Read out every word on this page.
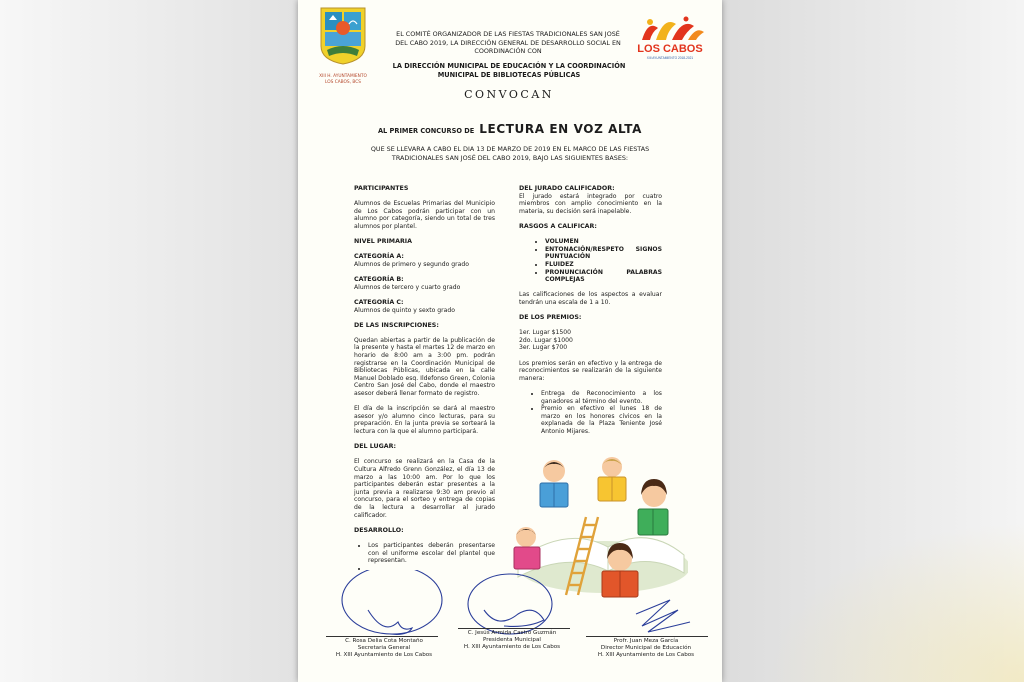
XIII H. AYUNTAMIENTO
LOS CABOS, BCS
EL COMITÉ ORGANIZADOR DE LAS FIESTAS TRADICIONALES SAN JOSÉ
DEL CABO 2019, LA DIRECCIÓN GENERAL DE DESARROLLO SOCIAL EN
COORDINACIÓN CON
LA DIRECCIÓN MUNICIPAL DE EDUCACIÓN Y LA COORDINACIÓN
MUNICIPAL DE BIBLIOTECAS PÚBLICAS
LOS CABOS
XIII AYUNTAMIENTO 2018-2021
CONVOCAN
AL PRIMER CONCURSO DE LECTURA EN VOZ ALTA
QUE SE LLEVARA A CABO EL DIA 13 DE MARZO DE 2019 EN EL MARCO DE LAS FIESTAS
TRADICIONALES SAN JOSÉ DEL CABO 2019, BAJO LAS SIGUIENTES BASES:

PARTICIPANTES

Alumnos de Escuelas Primarias del Municipio de Los Cabos podrán participar con un alumno por categoría, siendo un total de tres alumnos por plantel.

NIVEL PRIMARIA

CATEGORÍA A:

Alumnos de primero y segundo grado

CATEGORÍA B:

Alumnos de tercero y cuarto grado

CATEGORÍA C:

Alumnos de quinto y sexto grado

DE LAS INSCRIPCIONES:

Quedan abiertas a partir de la publicación de la presente y hasta el martes 12 de marzo en horario de 8:00 am a 3:00 pm. podrán registrarse en la Coordinación Municipal de Bibliotecas Públicas, ubicada en la calle Manuel Doblado esq. Ildefonso Green, Colonia Centro San José del Cabo, donde el maestro asesor deberá llenar formato de registro.

El día de la inscripción se dará al maestro asesor y/o alumno cinco lecturas, para su preparación. En la junta previa se sorteará la lectura con la que el alumno participará.

DEL LUGAR:

El concurso se realizará en la Casa de la Cultura Alfredo Grenn González, el día 13 de marzo a las 10:00 am. Por lo que los participantes deberán estar presentes a la junta previa a realizarse 9:30 am previo al concurso, para el sorteo y entrega de copias de la lectura a desarrollar al jurado calificador.

DESARROLLO:

• Los participantes deberán presentarse con el uniforme escolar del plantel que representan.
•

DEL JURADO CALIFICADOR:

El jurado estará integrado por cuatro miembros con amplio conocimiento en la materia, su decisión será inapelable.

RASGOS A CALIFICAR:

• VOLUMEN
• ENTONACIÓN/RESPETO SIGNOS PUNTUACIÓN
• FLUIDEZ
• PRONUNCIACIÓN PALABRAS COMPLEJAS

Las calificaciones de los aspectos a evaluar tendrán una escala de 1 a 10.

DE LOS PREMIOS:

1er. Lugar $1500

2do. Lugar $1000

3er. Lugar $700

Los premios serán en efectivo y la entrega de reconocimientos se realizarán de la siguiente manera:

• Entrega de Reconocimiento a los ganadores al término del evento.
• Premio en efectivo el lunes 18 de marzo en los honores cívicos en la explanada de la Plaza Teniente José Antonio Mijares.
C. Rosa Delia Cota Montaño
Secretaria General
H. XIII Ayuntamiento de Los Cabos
C. Jesús Armida Castro Guzmán
Presidenta Municipal
H. XIII Ayuntamiento de Los Cabos
Profr. Juan Meza García
Director Municipal de Educación
H. XIII Ayuntamiento de Los Cabos
